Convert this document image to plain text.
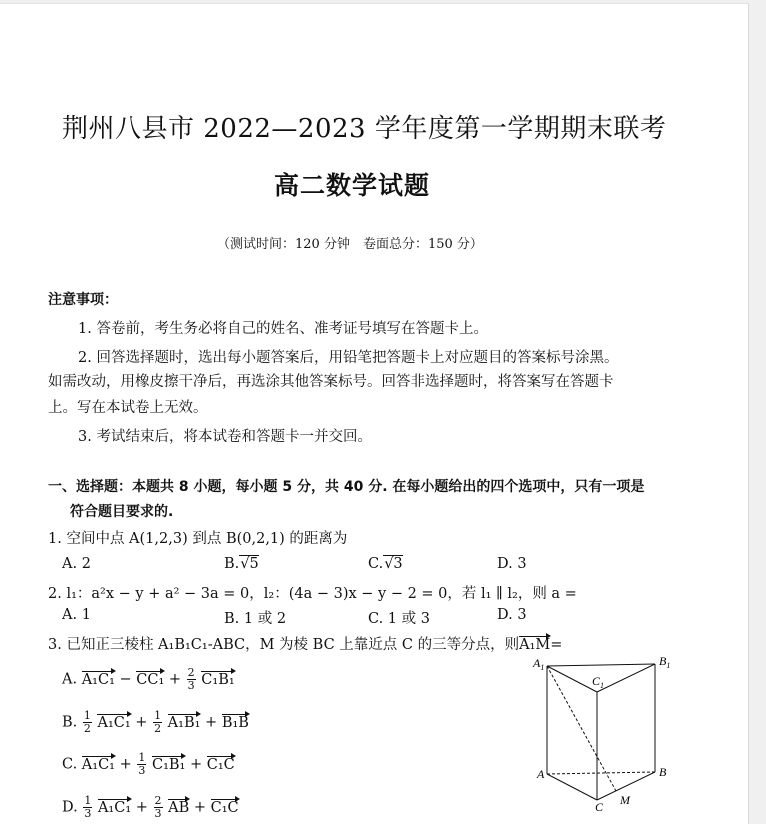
荆州八县市 2022—2023 学年度第一学期期末联考
高二数学试题
（测试时间：120 分钟　卷面总分：150 分）
注意事项：
1. 答卷前，考生务必将自己的姓名、准考证号填写在答题卡上。
2. 回答选择题时，选出每小题答案后，用铅笔把答题卡上对应题目的答案标号涂黑。
如需改动，用橡皮擦干净后，再选涂其他答案标号。回答非选择题时，将答案写在答题卡
上。写在本试卷上无效。
3. 考试结束后，将本试卷和答题卡一并交回。
一、选择题：本题共 8 小题，每小题 5 分，共 40 分. 在每小题给出的四个选项中，只有一项是
符合题目要求的.
1. 空间中点 A(1,2,3) 到点 B(0,2,1) 的距离为
A. 2	B.√5	C.√3	D. 3
2. l₁：a²x − y + a² − 3a = 0，l₂：(4a − 3)x − y − 2 = 0，若 l₁ ∥ l₂，则 a =
A. 1	B. 1 或 2	C. 1 或 3	D. 3
3. 已知正三棱柱 A₁B₁C₁-ABC，M 为棱 BC 上靠近点 C 的三等分点，则A₁M=
A. $A_1C_1 - CC_1 + \frac{2}{3} C_1B_1$
B. $\frac{1}{2} A_1C_1 + \frac{1}{2} A_1B_1 + B_1B$
C. $A_1C_1 + \frac{1}{3} C_1B_1 + C_1C$
D. $\frac{1}{3} A_1C_1 + \frac{2}{3}$ AB + C₁C
$A_1$	$B_1$
$C_1$
A	B
C M
